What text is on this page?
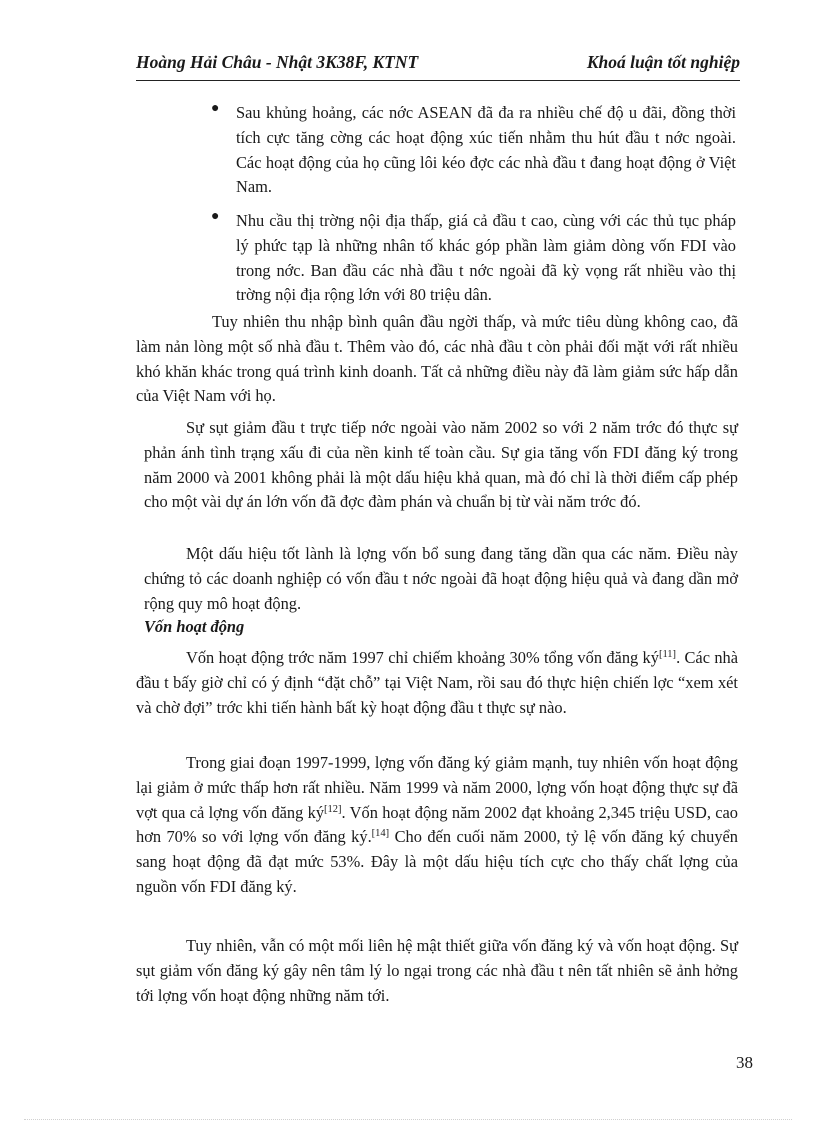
Hoàng Hải Châu - Nhật 3K38F, KTNT	Khoá luận tốt nghiệp
● Sau khủng hoảng, các nớc ASEAN đã đa ra nhiều chế độ u đãi, đồng thời tích cực tăng cờng các hoạt động xúc tiến nhằm thu hút đầu t nớc ngoài. Các hoạt động của họ cũng lôi kéo đợc các nhà đầu t đang hoạt động ở Việt Nam.

● Nhu cầu thị trờng nội địa thấp, giá cả đầu t cao, cùng với các thủ tục pháp lý phức tạp là những nhân tố khác góp phần làm giảm dòng vốn FDI vào trong nớc. Ban đầu các nhà đầu t nớc ngoài đã kỳ vọng rất nhiều vào thị trờng nội địa rộng lớn với 80 triệu dân.

Tuy nhiên thu nhập bình quân đầu ngời thấp, và mức tiêu dùng không cao, đã làm nản lòng một số nhà đầu t. Thêm vào đó, các nhà đầu t còn phải đối mặt với rất nhiều khó khăn khác trong quá trình kinh doanh. Tất cả những điều này đã làm giảm sức hấp dẫn của Việt Nam với họ.

Sự sụt giảm đầu t trực tiếp nớc ngoài vào năm 2002 so với 2 năm trớc đó thực sự phản ánh tình trạng xấu đi của nền kinh tế toàn cầu. Sự gia tăng vốn FDI đăng ký trong năm 2000 và 2001 không phải là một dấu hiệu khả quan, mà đó chỉ là thời điểm cấp phép cho một vài dự án lớn vốn đã đợc đàm phán và chuẩn bị từ vài năm trớc đó.

Một dấu hiệu tốt lành là lợng vốn bổ sung đang tăng dần qua các năm. Điều này chứng tỏ các doanh nghiệp có vốn đầu t nớc ngoài đã hoạt động hiệu quả và đang dần mở rộng quy mô hoạt động.

Vốn hoạt động

Vốn hoạt động trớc năm 1997 chỉ chiếm khoảng 30% tổng vốn đăng ký[11]. Các nhà đầu t bấy giờ chỉ có ý định “đặt chỗ” tại Việt Nam, rồi sau đó thực hiện chiến lợc “xem xét và chờ đợi” trớc khi tiến hành bất kỳ hoạt động đầu t thực sự nào.

Trong giai đoạn 1997-1999, lợng vốn đăng ký giảm mạnh, tuy nhiên vốn hoạt động lại giảm ở mức thấp hơn rất nhiều. Năm 1999 và năm 2000, lợng vốn hoạt động thực sự đã vợt qua cả lợng vốn đăng ký[12]. Vốn hoạt động năm 2002 đạt khoảng 2,345 triệu USD, cao hơn 70% so với lợng vốn đăng ký.[14] Cho đến cuối năm 2000, tỷ lệ vốn đăng ký chuyển sang hoạt động đã đạt mức 53%. Đây là một dấu hiệu tích cực cho thấy chất lợng của nguồn vốn FDI đăng ký.

Tuy nhiên, vẫn có một mối liên hệ mật thiết giữa vốn đăng ký và vốn hoạt động. Sự sụt giảm vốn đăng ký gây nên tâm lý lo ngại trong các nhà đầu t nên tất nhiên sẽ ảnh hởng tới lợng vốn hoạt động những năm tới.

38
